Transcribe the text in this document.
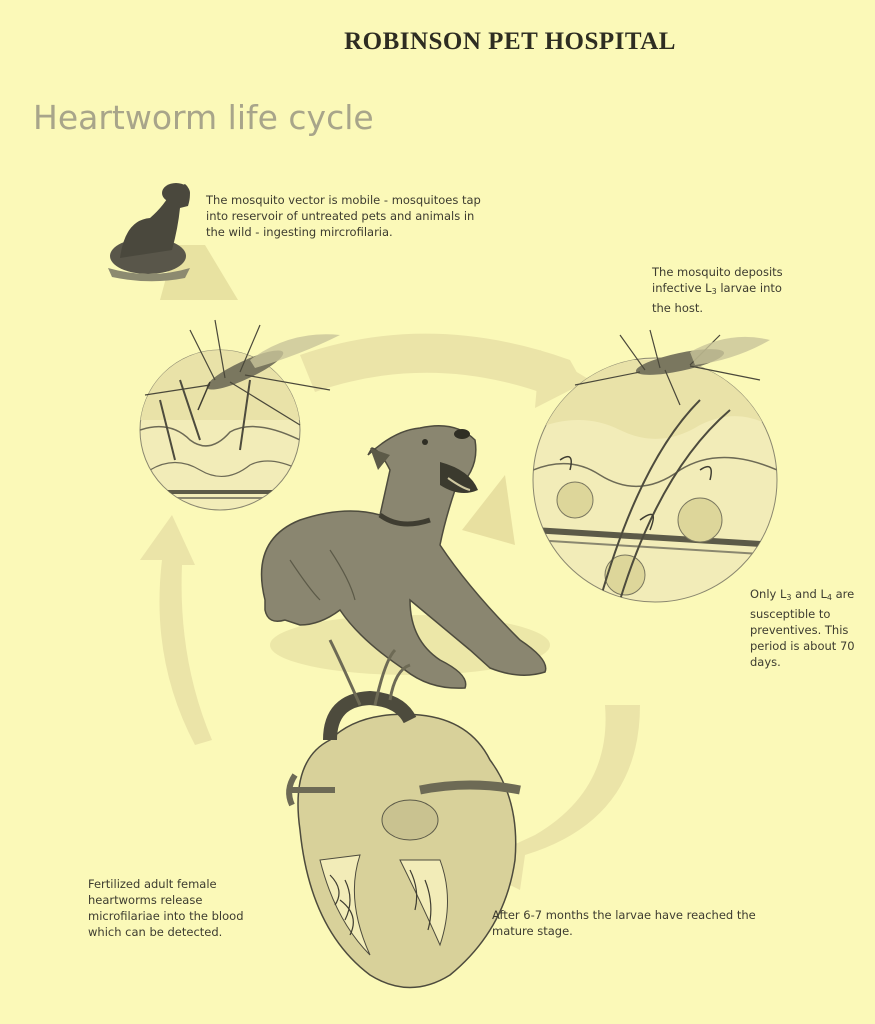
ROBINSON PET HOSPITAL
Heartworm life cycle
The mosquito vector is mobile - mosquitoes tap into reservoir of untreated pets and animals in the wild - ingesting mircrofilaria.
The mosquito deposits infective $L_3$ larvae into the host.
Only $L_3$ and $L_4$ are susceptible to preventives. This period is about 70 days.
Fertilized adult female heartworms release microfilariae into the blood which can be detected.
After 6-7 months the larvae have reached the mature stage.
